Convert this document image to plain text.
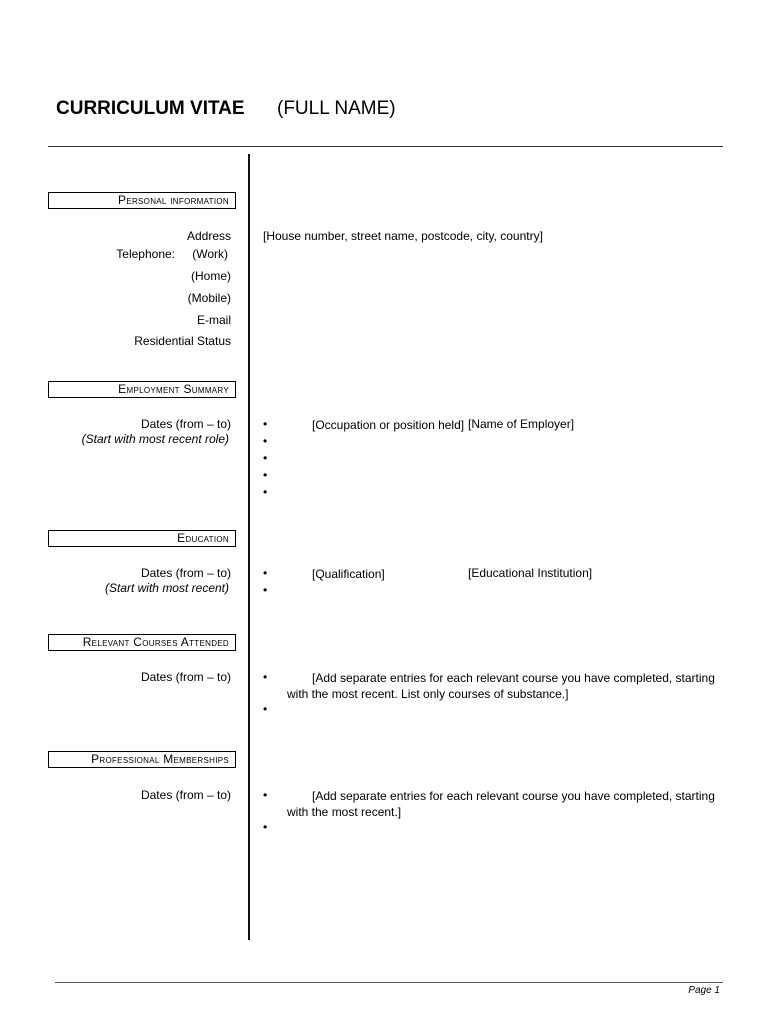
CURRICULUM VITAE (FULL NAME)
Personal information
Address	[House number, street name, postcode, city, country]
Telephone: (Work)
(Home)
(Mobile)
E-mail
Residential Status
Employment Summary
Dates (from – to)
(Start with most recent role)
•	[Occupation or position held] [Name of Employer]
•
•
•
•
Education
Dates (from – to)
(Start with most recent)
•	[Qualification]	[Educational Institution]
•
Relevant Courses Attended
Dates (from – to)	•	[Add separate entries for each relevant course you have completed, starting with the most recent. List only courses of substance.]
•
Professional Memberships
Dates (from – to)	•	[Add separate entries for each relevant course you have completed, starting with the most recent.]
•
Page 1
